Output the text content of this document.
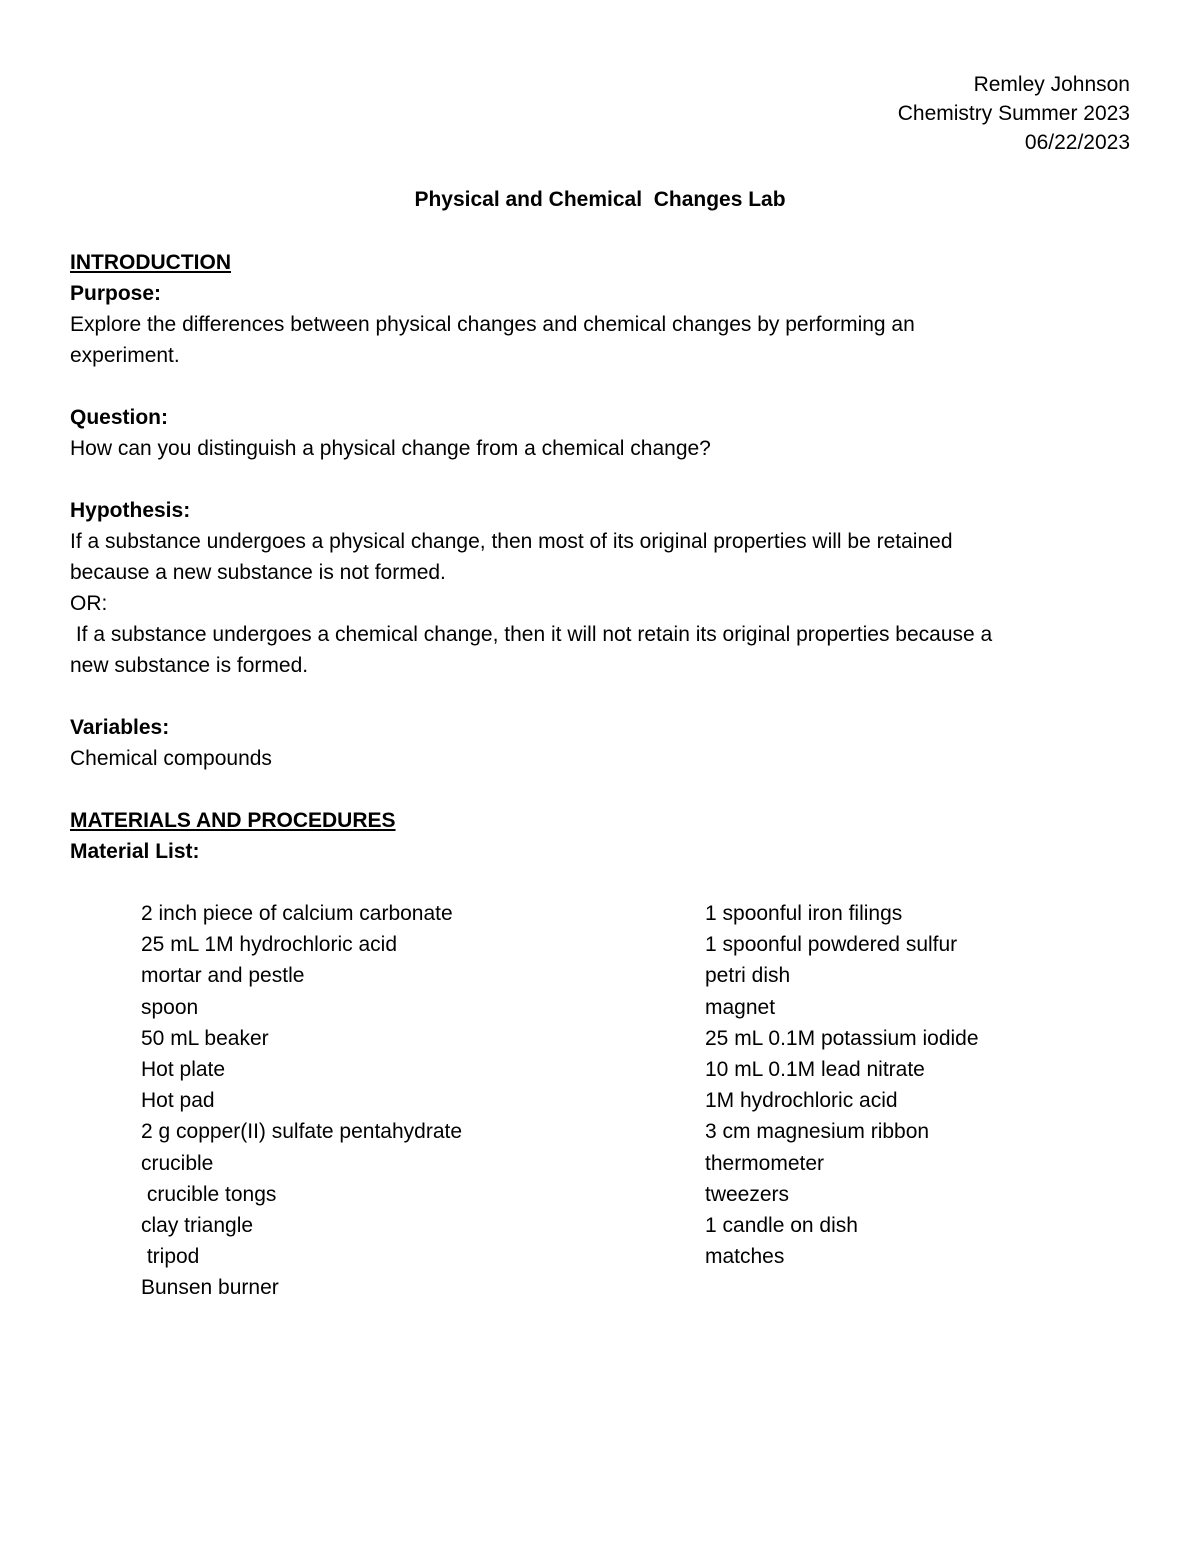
Remley Johnson
Chemistry Summer 2023
06/22/2023
Physical and Chemical  Changes Lab
INTRODUCTION
Purpose:
Explore the differences between physical changes and chemical changes by performing an
experiment.
Question:
How can you distinguish a physical change from a chemical change?
Hypothesis:
If a substance undergoes a physical change, then most of its original properties will be retained
because a new substance is not formed.
OR:
If a substance undergoes a chemical change, then it will not retain its original properties because a
new substance is formed.
Variables:
Chemical compounds
MATERIALS AND PROCEDURES
Material List:
2 inch piece of calcium carbonate
25 mL 1M hydrochloric acid
mortar and pestle
spoon
50 mL beaker
Hot plate
Hot pad
2 g copper(II) sulfate pentahydrate
crucible
crucible tongs
clay triangle
tripod
Bunsen burner
1 spoonful iron filings
1 spoonful powdered sulfur
petri dish
magnet
25 mL 0.1M potassium iodide
10 mL 0.1M lead nitrate
1M hydrochloric acid
3 cm magnesium ribbon
thermometer
tweezers
1 candle on dish
matches
